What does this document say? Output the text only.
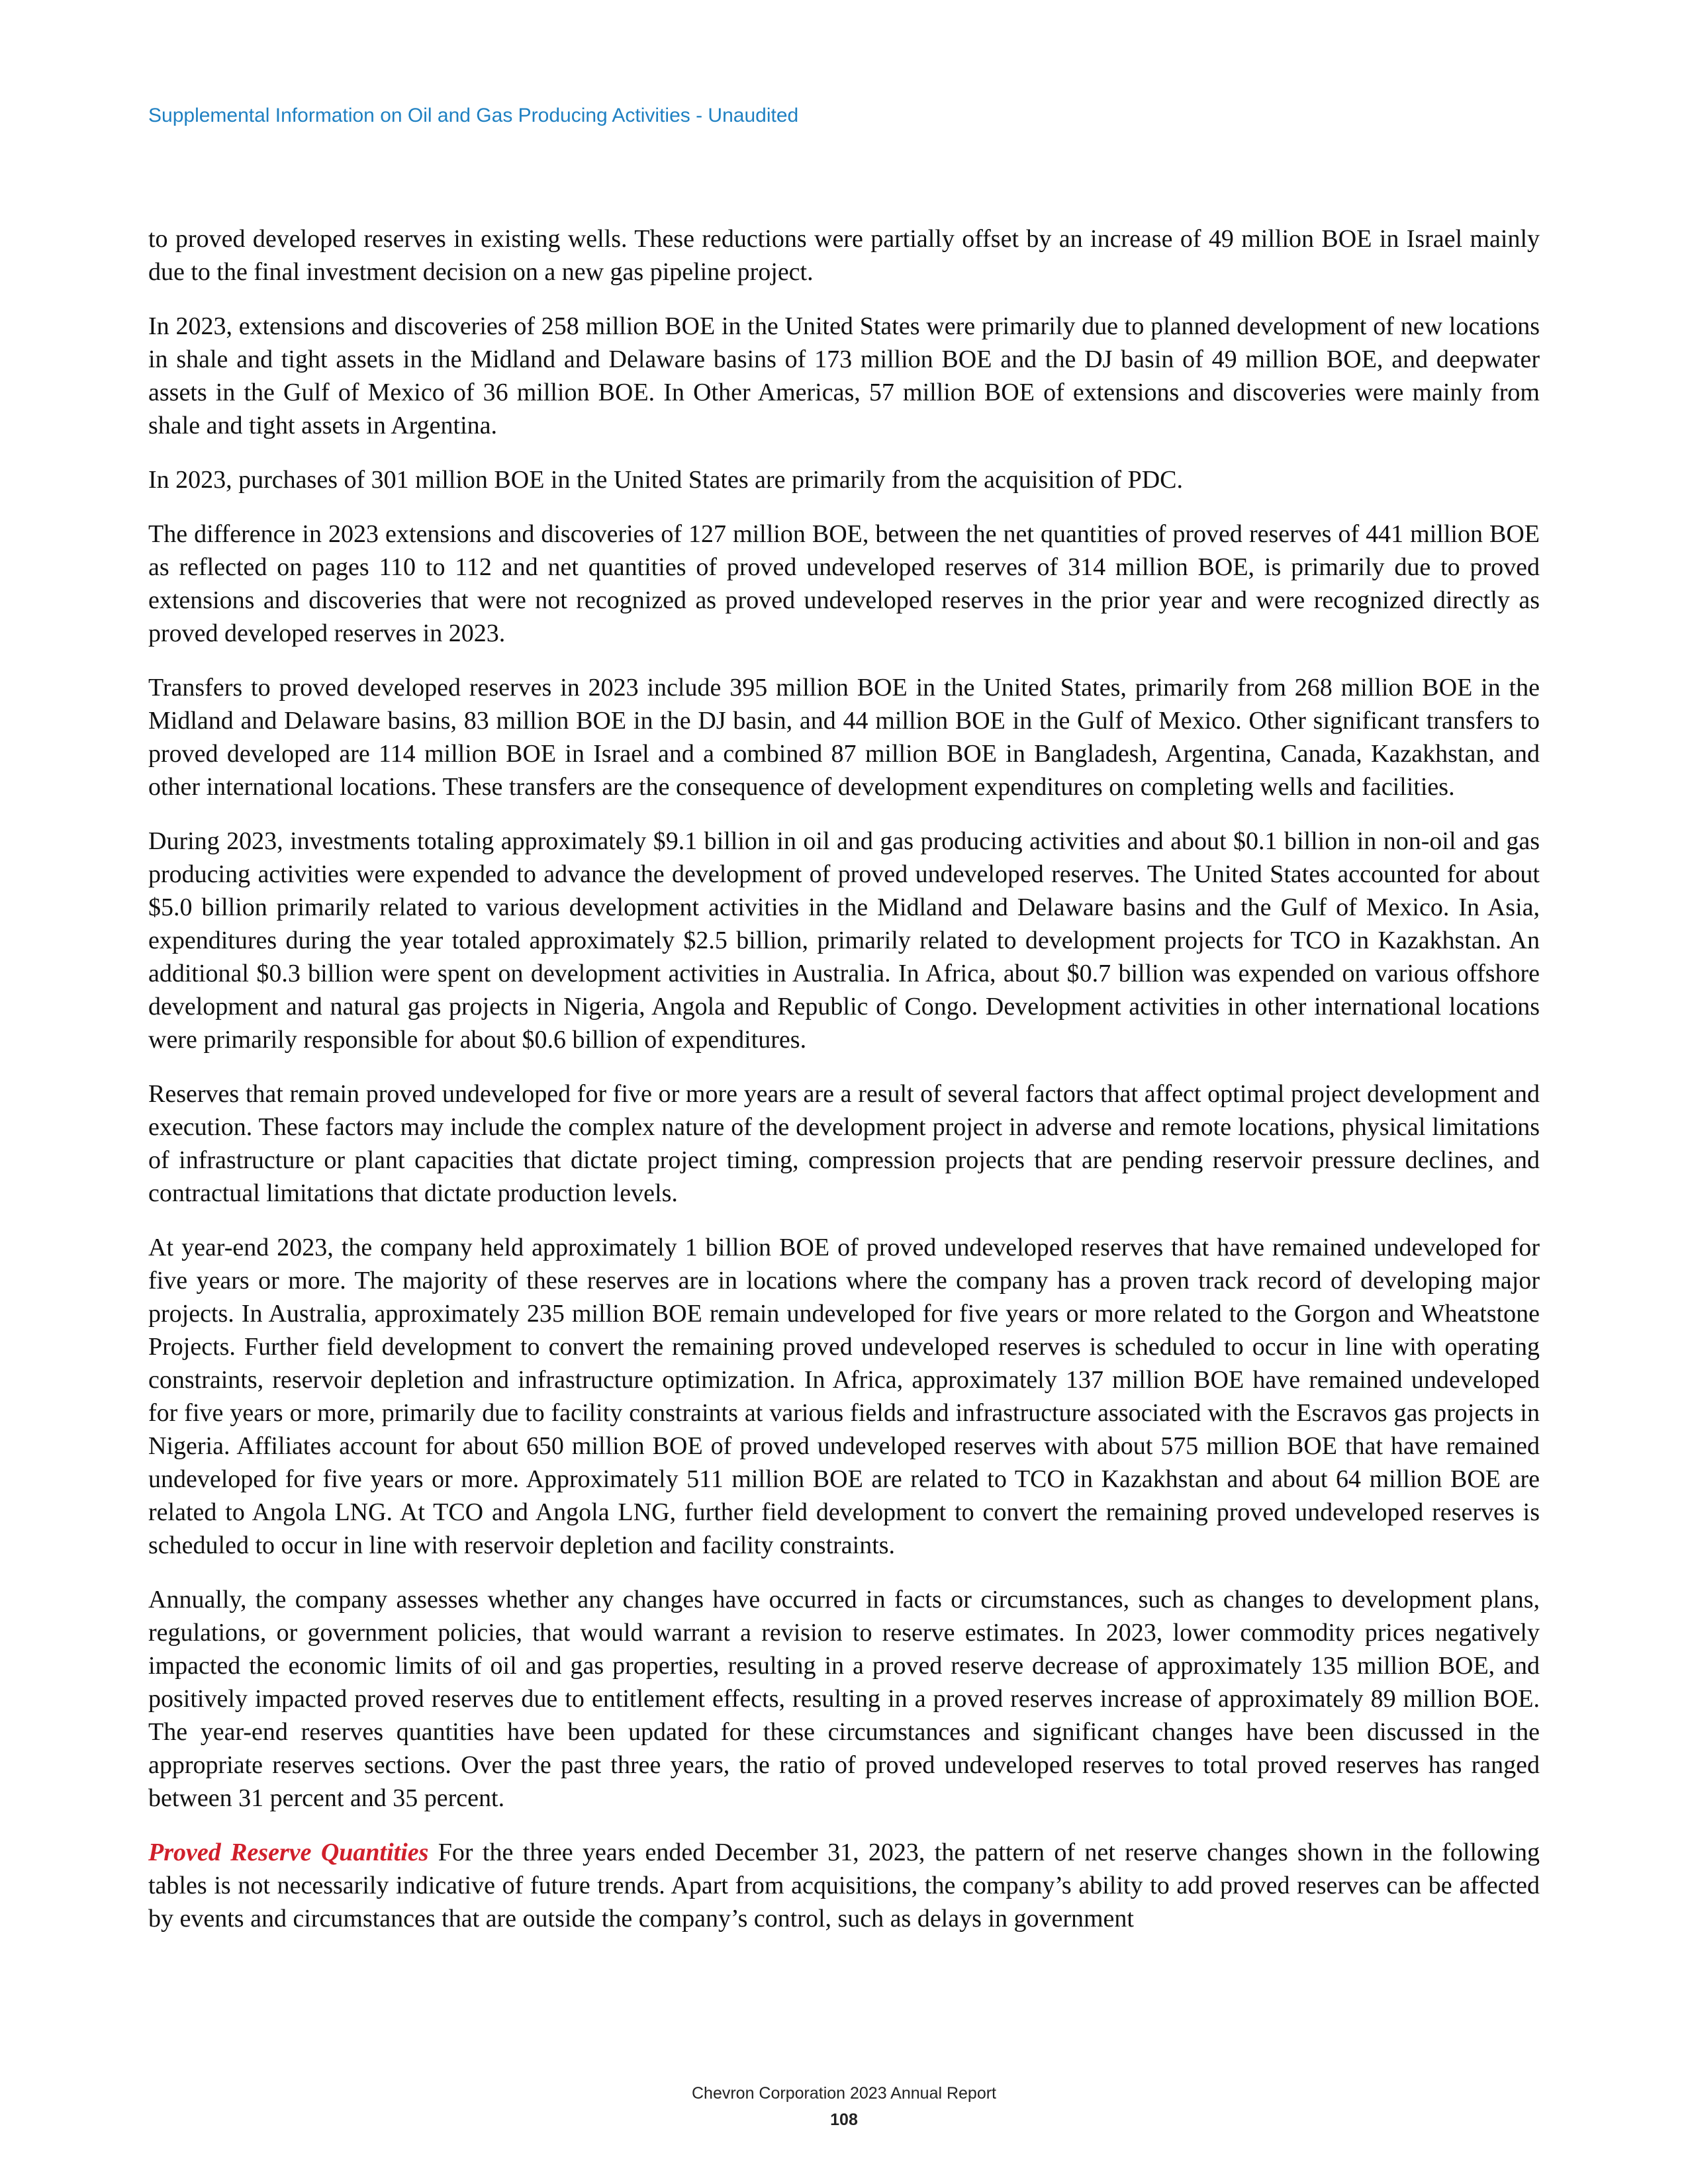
Supplemental Information on Oil and Gas Producing Activities - Unaudited

to proved developed reserves in existing wells. These reductions were partially offset by an increase of 49 million BOE in Israel mainly due to the final investment decision on a new gas pipeline project.

In 2023, extensions and discoveries of 258 million BOE in the United States were primarily due to planned development of new locations in shale and tight assets in the Midland and Delaware basins of 173 million BOE and the DJ basin of 49 million BOE, and deepwater assets in the Gulf of Mexico of 36 million BOE. In Other Americas, 57 million BOE of extensions and discoveries were mainly from shale and tight assets in Argentina.

In 2023, purchases of 301 million BOE in the United States are primarily from the acquisition of PDC.

The difference in 2023 extensions and discoveries of 127 million BOE, between the net quantities of proved reserves of 441 million BOE as reflected on pages 110 to 112 and net quantities of proved undeveloped reserves of 314 million BOE, is primarily due to proved extensions and discoveries that were not recognized as proved undeveloped reserves in the prior year and were recognized directly as proved developed reserves in 2023.

Transfers to proved developed reserves in 2023 include 395 million BOE in the United States, primarily from 268 million BOE in the Midland and Delaware basins, 83 million BOE in the DJ basin, and 44 million BOE in the Gulf of Mexico. Other significant transfers to proved developed are 114 million BOE in Israel and a combined 87 million BOE in Bangladesh, Argentina, Canada, Kazakhstan, and other international locations. These transfers are the consequence of development expenditures on completing wells and facilities.

During 2023, investments totaling approximately $9.1 billion in oil and gas producing activities and about $0.1 billion in non-oil and gas producing activities were expended to advance the development of proved undeveloped reserves. The United States accounted for about $5.0 billion primarily related to various development activities in the Midland and Delaware basins and the Gulf of Mexico. In Asia, expenditures during the year totaled approximately $2.5 billion, primarily related to development projects for TCO in Kazakhstan. An additional $0.3 billion were spent on development activities in Australia. In Africa, about $0.7 billion was expended on various offshore development and natural gas projects in Nigeria, Angola and Republic of Congo. Development activities in other international locations were primarily responsible for about $0.6 billion of expenditures.

Reserves that remain proved undeveloped for five or more years are a result of several factors that affect optimal project development and execution. These factors may include the complex nature of the development project in adverse and remote locations, physical limitations of infrastructure or plant capacities that dictate project timing, compression projects that are pending reservoir pressure declines, and contractual limitations that dictate production levels.

At year-end 2023, the company held approximately 1 billion BOE of proved undeveloped reserves that have remained undeveloped for five years or more. The majority of these reserves are in locations where the company has a proven track record of developing major projects. In Australia, approximately 235 million BOE remain undeveloped for five years or more related to the Gorgon and Wheatstone Projects. Further field development to convert the remaining proved undeveloped reserves is scheduled to occur in line with operating constraints, reservoir depletion and infrastructure optimization. In Africa, approximately 137 million BOE have remained undeveloped for five years or more, primarily due to facility constraints at various fields and infrastructure associated with the Escravos gas projects in Nigeria. Affiliates account for about 650 million BOE of proved undeveloped reserves with about 575 million BOE that have remained undeveloped for five years or more. Approximately 511 million BOE are related to TCO in Kazakhstan and about 64 million BOE are related to Angola LNG. At TCO and Angola LNG, further field development to convert the remaining proved undeveloped reserves is scheduled to occur in line with reservoir depletion and facility constraints.

Annually, the company assesses whether any changes have occurred in facts or circumstances, such as changes to development plans, regulations, or government policies, that would warrant a revision to reserve estimates. In 2023, lower commodity prices negatively impacted the economic limits of oil and gas properties, resulting in a proved reserve decrease of approximately 135 million BOE, and positively impacted proved reserves due to entitlement effects, resulting in a proved reserves increase of approximately 89 million BOE. The year-end reserves quantities have been updated for these circumstances and significant changes have been discussed in the appropriate reserves sections. Over the past three years, the ratio of proved undeveloped reserves to total proved reserves has ranged between 31 percent and 35 percent.

Proved Reserve Quantities For the three years ended December 31, 2023, the pattern of net reserve changes shown in the following tables is not necessarily indicative of future trends. Apart from acquisitions, the company’s ability to add proved reserves can be affected by events and circumstances that are outside the company’s control, such as delays in government

Chevron Corporation 2023 Annual Report
108
